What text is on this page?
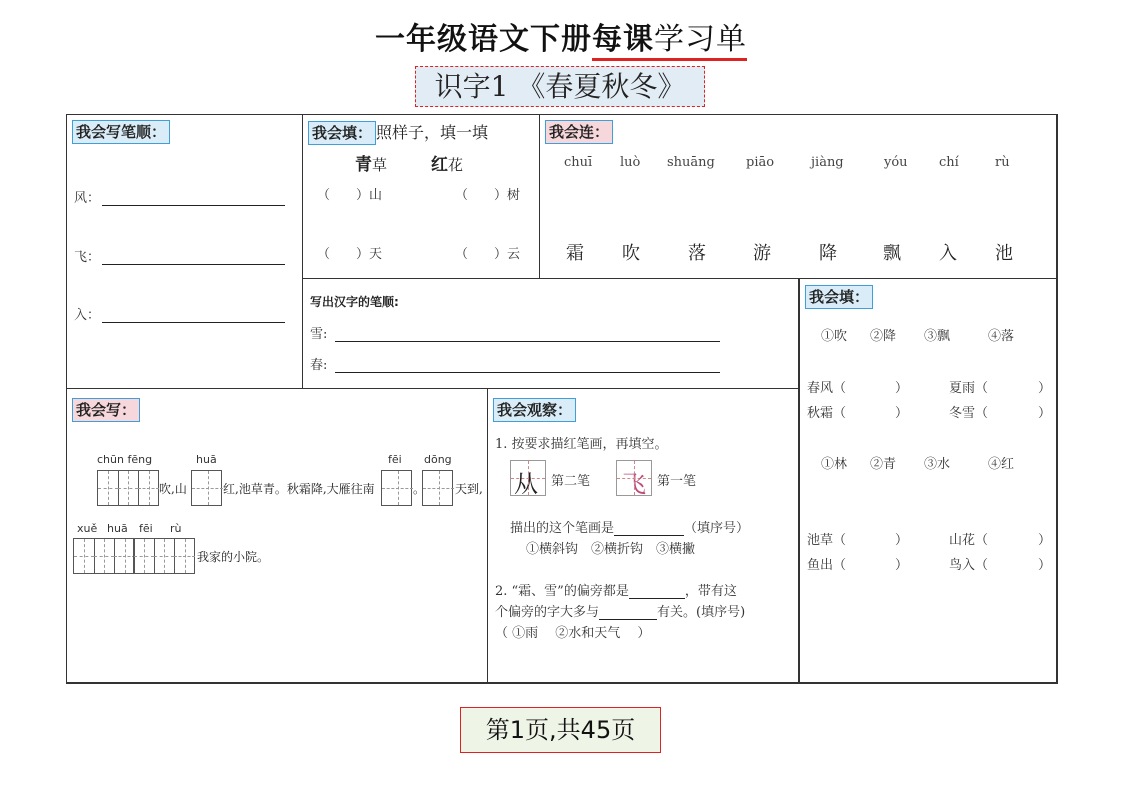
一年级语文下册每课学习单
识字1 《春夏秋冬》
我会写笔顺：
风：
飞：
入：
我会填： 照样子，填一填
青草	红花
（　　）山	（　　）树
（　　）天	（　　）云
我会连：
chuī luò shuāng piāo	jiàng	yóu chí	rù
霜 吹	落	游	降	飘 入 池
写出汉字的笔顺:
雪:
春:
我会填：
①吹 ②降 ③飘	④落
春风（	）	夏雨（	）
秋霜（	）	冬雪（	）
①林 ②青 ③水	④红
池草（	）	山花（	）
鱼出（	）	鸟入（	）
我会写：
chūn fēng	huā	fēi dōng
吹,山	红,池草青。秋霜降,大雁往南	。 天到,
xuě huā fēi rù
我家的小院。
我会观察：
1. 按要求描红笔画，再填空。
从 第二笔 飞 第一笔
描出的这个笔画是	（填序号）
①横斜钩　②横折钩　③横撇
2. “霜、雪”的偏旁都是	，带有这
个偏旁的字大多与	有关。(填序号)
（ ①雨　 ②水和天气　 ）
第1页,共45页
